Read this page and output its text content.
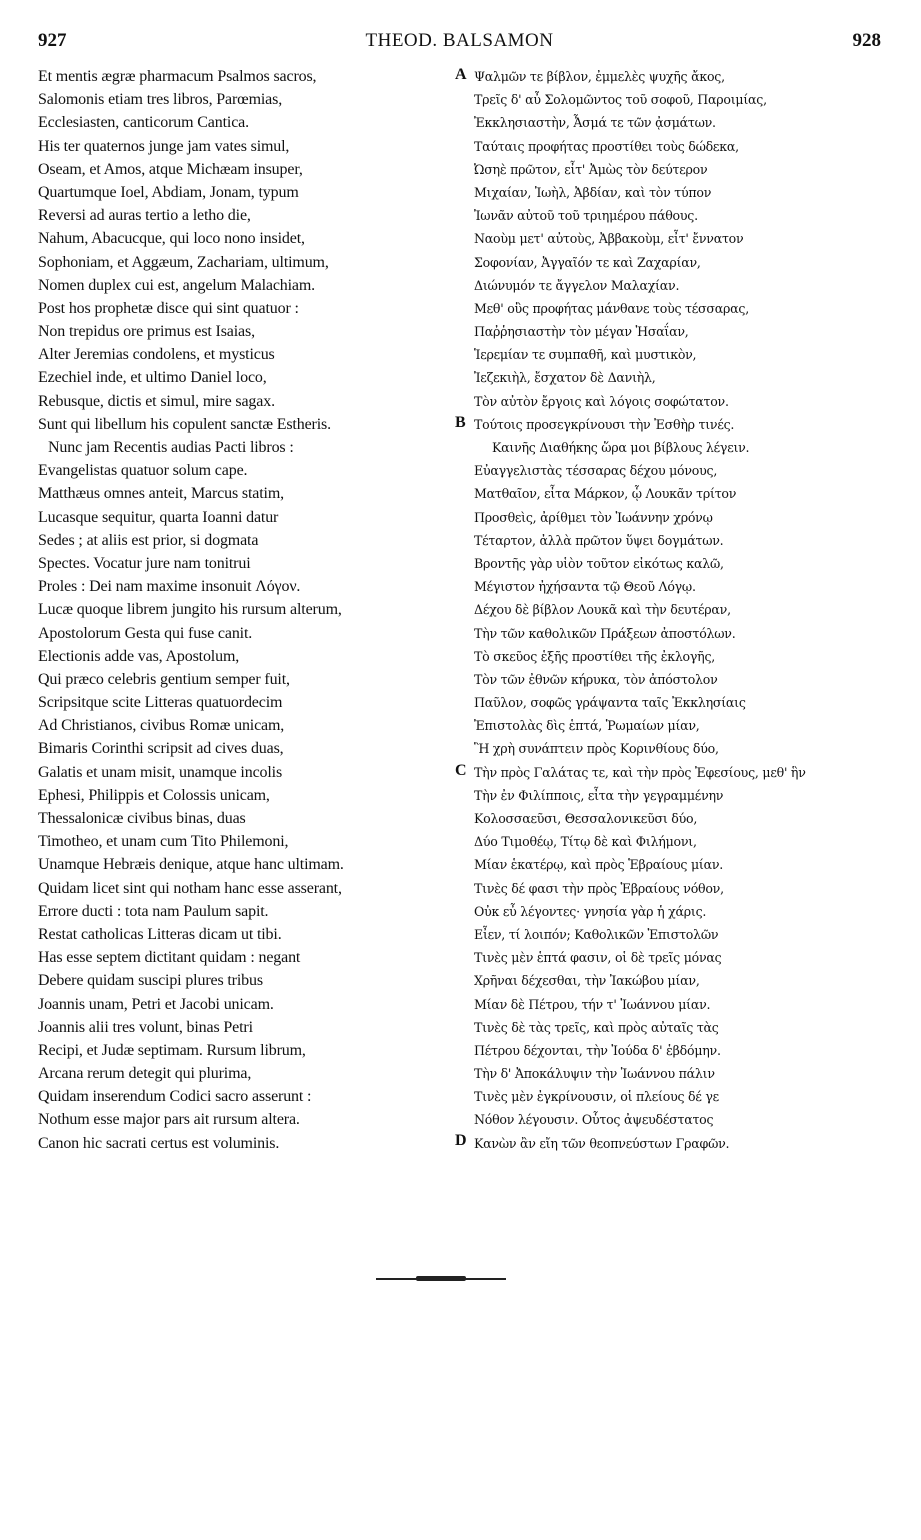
927	THEOD. BALSAMON	928
Et mentis ægræ pharmacum Psalmos sacros,
Salomonis etiam tres libros, Parœmias,
Ecclesiasten, canticorum Cantica.
His ter quaternos junge jam vates simul,
Oseam, et Amos, atque Michæam insuper,
Quartumque Ioel, Abdiam, Jonam, typum
Reversi ad auras tertio a letho die,
Nahum, Abacucque, qui loco nono insidet,
Sophoniam, et Aggæum, Zachariam, ultimum,
Nomen duplex cui est, angelum Malachiam.
Post hos prophetæ disce qui sint quatuor :
Non trepidus ore primus est Isaias,
Alter Jeremias condolens, et mysticus
Ezechiel inde, et ultimo Daniel loco,
Rebusque, dictis et simul, mire sagax.
Sunt qui libellum his copulent sanctæ Estheris.
Nunc jam Recentis audias Pacti libros :
Evangelistas quatuor solum cape.
Matthæus omnes anteit, Marcus statim,
Lucasque sequitur, quarta Ioanni datur
Sedes ; at aliis est prior, si dogmata
Spectes. Vocatur jure nam tonitrui
Proles : Dei nam maxime insonuit Λόγον.
Lucæ quoque librem jungito his rursum alterum,
Apostolorum Gesta qui fuse canit.
Electionis adde vas, Apostolum,
Qui præco celebris gentium semper fuit,
Scripsitque scite Litteras quatuordecim
Ad Christianos, civibus Romæ unicam,
Bimaris Corinthi scripsit ad cives duas,
Galatis et unam misit, unamque incolis
Ephesi, Philippis et Colossis unicam,
Thessalonicæ civibus binas, duas
Timotheo, et unam cum Tito Philemoni,
Unamque Hebræis denique, atque hanc ultimam.
Quidam licet sint qui notham hanc esse asserant,
Errore ducti : tota nam Paulum sapit.
Restat catholicas Litteras dicam ut tibi.
Has esse septem dictitant quidam : negant
Debere quidam suscipi plures tribus
Joannis unam, Petri et Jacobi unicam.
Joannis alii tres volunt, binas Petri
Recipi, et Judæ septimam. Rursum librum,
Arcana rerum detegit qui plurima,
Quidam inserendum Codici sacro asserunt :
Nothum esse major pars ait rursum altera.
Canon hic sacrati certus est voluminis.
Ψαλμῶν τε βίβλον, ἐμμελὲς ψυχῆς ἄκος,
Τρεῖς δ' αὖ Σολομῶντος τοῦ σοφοῦ, Παροιμίας,
Ἐκκλησιαστὴν, Ἆσμά τε τῶν ᾀσμάτων.
Ταύταις προφήτας προστίθει τοὺς δώδεκα,
Ὠσηὲ πρῶτον, εἶτ' Ἀμὼς τὸν δεύτερον
Μιχαίαν, Ἰωὴλ, Ἀβδίαν, καὶ τὸν τύπον
Ἰωνᾶν αὐτοῦ τοῦ τριημέρου πάθους.
Ναοὺμ μετ' αὐτοὺς, Ἀββακοὺμ, εἶτ' ἔννατον
Σοφονίαν, Ἀγγαῖόν τε καὶ Ζαχαρίαν,
Διώνυμόν τε ἄγγελον Μαλαχίαν.
Μεθ' οὓς προφήτας μάνθανε τοὺς τέσσαρας,
Παῤῥησιαστὴν τὸν μέγαν Ἠσαΐαν,
Ἱερεμίαν τε συμπαθῆ, καὶ μυστικὸν,
Ἰεζεκιὴλ, ἔσχατον δὲ Δανιὴλ,
Τὸν αὐτὸν ἔργοις καὶ λόγοις σοφώτατον.
Τούτοις προσεγκρίνουσι τὴν Ἐσθὴρ τινές.
Καινῆς Διαθήκης ὥρα μοι βίβλους λέγειν.
Εὐαγγελιστὰς τέσσαρας δέχου μόνους,
Ματθαῖον, εἶτα Μάρκον, ᾧ Λουκᾶν τρίτον
Προσθεὶς, ἀρίθμει τὸν Ἰωάννην χρόνῳ
Τέταρτον, ἀλλὰ πρῶτον ὕψει δογμάτων.
Βροντῆς γὰρ υἱὸν τοῦτον εἰκότως καλῶ,
Μέγιστον ἠχήσαντα τῷ Θεοῦ Λόγῳ.
Δέχου δὲ βίβλον Λουκᾶ καὶ τὴν δευτέραν,
Τὴν τῶν καθολικῶν Πράξεων ἀποστόλων.
Τὸ σκεῦος ἑξῆς προστίθει τῆς ἐκλογῆς,
Τὸν τῶν ἐθνῶν κήρυκα, τὸν ἀπόστολον
Παῦλον, σοφῶς γράψαντα ταῖς Ἐκκλησίαις
Ἐπιστολὰς δὶς ἑπτά, Ῥωμαίων μίαν,
Ἣ χρὴ συνάπτειν πρὸς Κορινθίους δύο,
Τὴν πρὸς Γαλάτας τε, καὶ τὴν πρὸς Ἐφεσίους, μεθ' ἣν
Τὴν ἐν Φιλίπποις, εἶτα τὴν γεγραμμένην
Κολοσσαεῦσι, Θεσσαλονικεῦσι δύο,
Δύο Τιμοθέῳ, Τίτῳ δὲ καὶ Φιλήμονι,
Μίαν ἑκατέρῳ, καὶ πρὸς Ἑβραίους μίαν.
Τινὲς δέ φασι τὴν πρὸς Ἑβραίους νόθον,
Οὐκ εὖ λέγοντες· γνησία γὰρ ἡ χάρις.
Εἶεν, τί λοιπόν; Καθολικῶν Ἐπιστολῶν
Τινὲς μὲν ἑπτά φασιν, οἱ δὲ τρεῖς μόνας
Χρῆναι δέχεσθαι, τὴν Ἰακώβου μίαν,
Μίαν δὲ Πέτρου, τήν τ' Ἰωάννου μίαν.
Τινὲς δὲ τὰς τρεῖς, καὶ πρὸς αὐταῖς τὰς
Πέτρου δέχονται, τὴν Ἰούδα δ' ἑβδόμην.
Τὴν δ' Ἀποκάλυψιν τὴν Ἰωάννου πάλιν
Τινὲς μὲν ἐγκρίνουσιν, οἱ πλείους δέ γε
Νόθον λέγουσιν. Οὗτος ἀψευδέστατος
Κανὼν ἂν εἴη τῶν θεοπνεύστων Γραφῶν.
A
B
C
D
